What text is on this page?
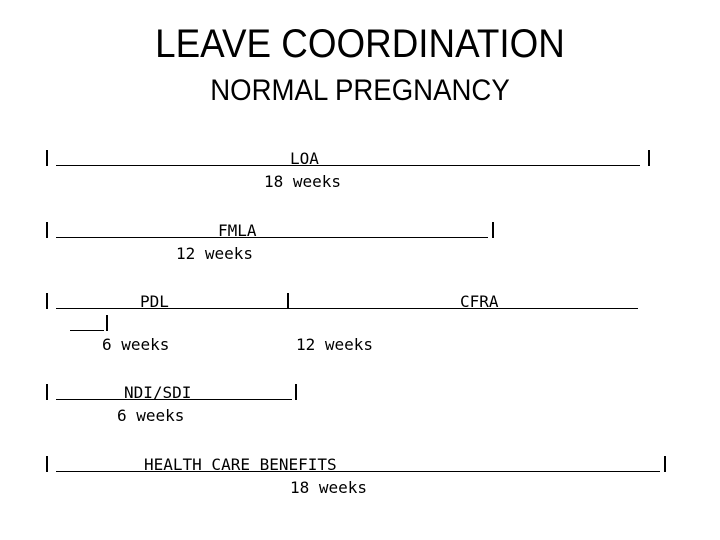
LEAVE COORDINATION
NORMAL PREGNANCY
LOA
18 weeks
FMLA
12 weeks
PDL	CFRA
6 weeks	12 weeks
NDI/SDI
6 weeks
HEALTH CARE BENEFITS
18 weeks
